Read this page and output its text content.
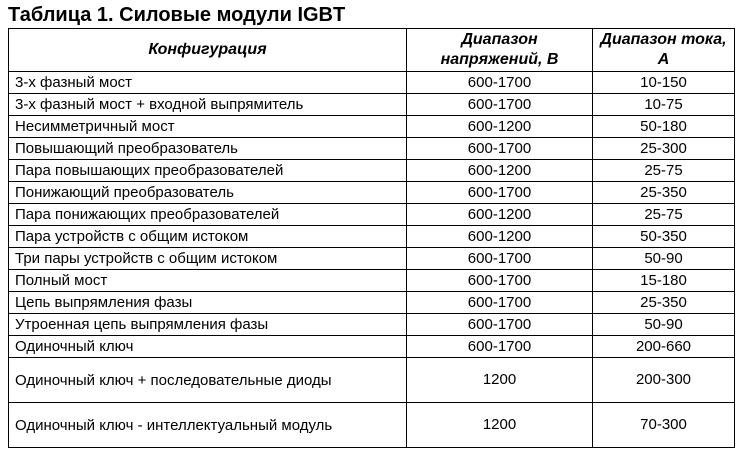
Таблица 1. Силовые модули IGBT
Конфигурация	Диапазон напряжений, В	Диапазон тока, А
3-х фазный мост	600-1700	10-150
3-х фазный мост + входной выпрямитель	600-1700	10-75
Несимметричный мост	600-1200	50-180
Повышающий преобразователь	600-1700	25-300
Пара повышающих преобразователей	600-1200	25-75
Понижающий преобразователь	600-1700	25-350
Пара понижающих преобразователей	600-1200	25-75
Пара устройств с общим истоком	600-1200	50-350
Три пары устройств с общим истоком	600-1700	50-90
Полный мост	600-1700	15-180
Цепь выпрямления фазы	600-1700	25-350
Утроенная цепь выпрямления фазы	600-1700	50-90
Одиночный ключ	600-1700	200-660
Одиночный ключ + последовательные диоды	1200	200-300
Одиночный ключ - интеллектуальный модуль	1200	70-300
